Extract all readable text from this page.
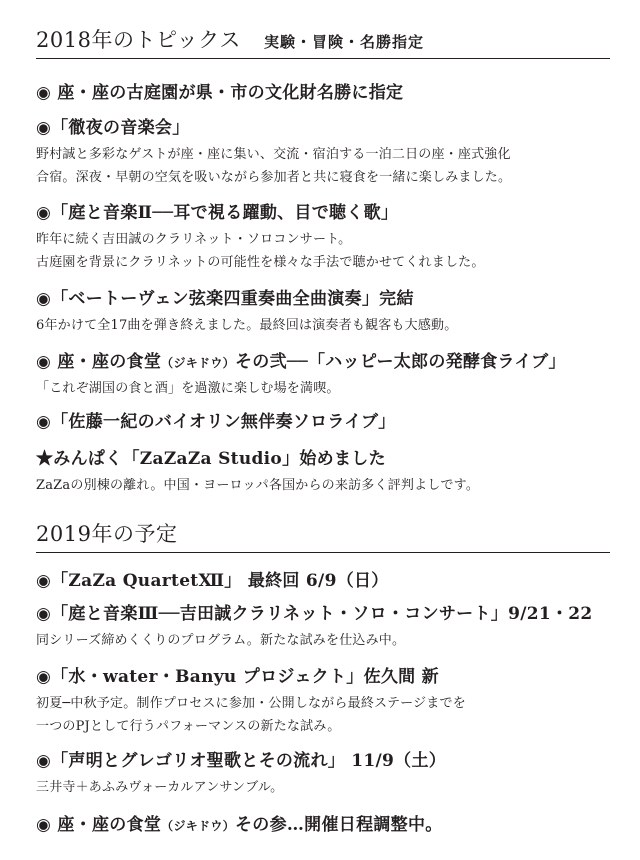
2018年のトピックス 実験・冒険・名勝指定
◉ 座・座の古庭園が県・市の文化財名勝に指定
◉「徹夜の音楽会」
野村誠と多彩なゲストが座・座に集い、交流・宿泊する一泊二日の座・座式強化
合宿。深夜・早朝の空気を吸いながら参加者と共に寝食を一緒に楽しみました。
◉「庭と音楽Ⅱ──耳で視る躍動、目で聴く歌」
昨年に続く吉田誠のクラリネット・ソロコンサート。
古庭園を背景にクラリネットの可能性を様々な手法で聴かせてくれました。
◉「ベートーヴェン弦楽四重奏曲全曲演奏」完結
6年かけて全17曲を弾き終えました。最終回は演奏者も観客も大感動。
◉ 座・座の食堂（ジキドウ）その弐──「ハッピー太郎の発酵食ライブ」
「これぞ湖国の食と酒」を過激に楽しむ場を満喫。
◉「佐藤一紀のバイオリン無伴奏ソロライブ」
★みんぱく「ZaZaZa Studio」始めました
ZaZaの別棟の離れ。中国・ヨーロッパ各国からの来訪多く評判よしです。
2019年の予定
◉「ZaZa QuartetⅫ」 最終回 6/9（日）
◉「庭と音楽Ⅲ──吉田誠クラリネット・ソロ・コンサート」9/21・22
同シリーズ締めくくりのプログラム。新たな試みを仕込み中。
◉「水・water・Banyu プロジェクト」佐久間 新
初夏─中秋予定。制作プロセスに参加・公開しながら最終ステージまでを
一つのPJとして行うパフォーマンスの新たな試み。
◉「声明とグレゴリオ聖歌とその流れ」 11/9（土）
三井寺＋あふみヴォーカルアンサンブル。
◉ 座・座の食堂（ジキドウ）その参…開催日程調整中。
